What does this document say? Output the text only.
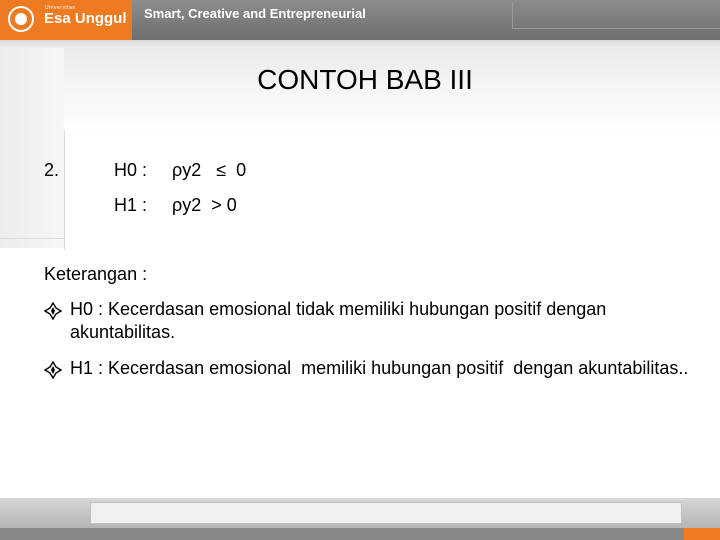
Universitas
Esa Unggul Smart, Creative and Entrepreneurial
CONTOH BAB III
2.	H0 : ρy2   ≤  0
H1 : ρy2  > 0
Keterangan :
H0 : Kecerdasan emosional tidak memiliki hubungan positif dengan akuntabilitas.
H1 : Kecerdasan emosional  memiliki hubungan positif  dengan akuntabilitas..
